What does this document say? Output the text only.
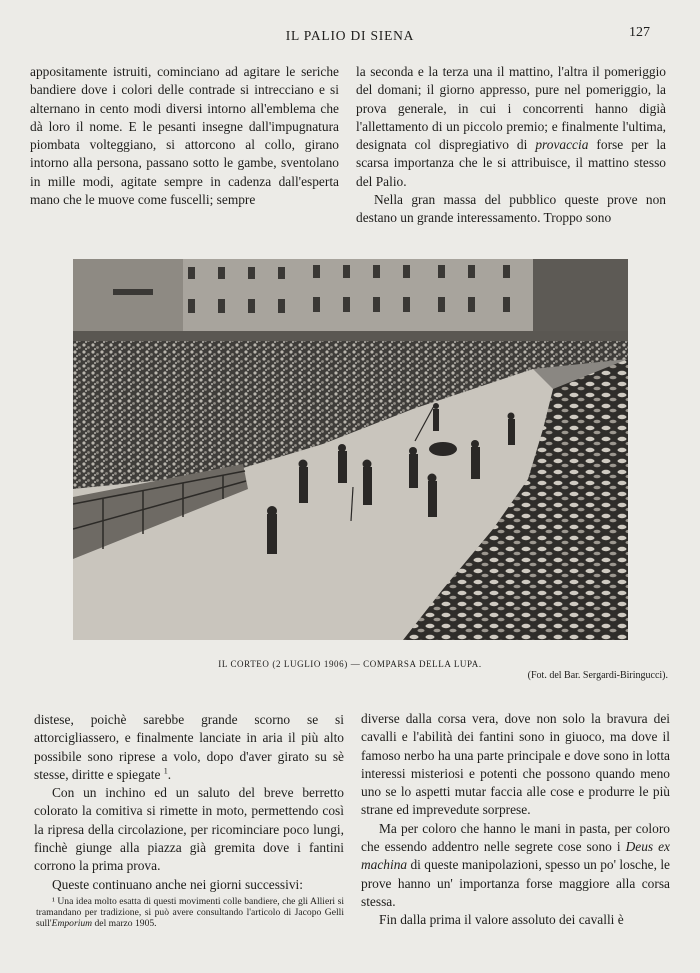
IL PALIO DI SIENA	127

appositamente istruiti, cominciano ad agitare le seriche bandiere dove i colori delle contrade si intrecciano e si alternano in cento modi diversi intorno all'emblema che dà loro il nome. E le pesanti insegne dall'impugnatura piombata volteggiano, si attorcono al collo, girano intorno alla persona, passano sotto le gambe, sventolano in mille modi, agitate sempre in cadenza dall'esperta mano che le muove come fuscelli; sempre

la seconda e la terza una il mattino, l'altra il pomeriggio del domani; il giorno appresso, pure nel pomeriggio, la prova generale, in cui i concorrenti hanno digià l'allettamento di un piccolo premio; e finalmente l'ultima, designata col dispregiativo di provaccia forse per la scarsa importanza che le si attribuisce, il mattino stesso del Palio.

Nella gran massa del pubblico queste prove non destano un grande interessamento. Troppo sono

IL CORTEO (2 LUGLIO 1906) — COMPARSA DELLA LUPA.
(Fot. del Bar. Sergardi-Biringucci).

distese, poichè sarebbe grande scorno se si attorcigliassero, e finalmente lanciate in aria il più alto possibile sono riprese a volo, dopo d'aver girato su sè stesse, diritte e spiegate $^1$.

Con un inchino ed un saluto del breve berretto colorato la comitiva si rimette in moto, permettendo così la ripresa della circolazione, per ricominciare poco lungi, finchè giunge alla piazza già gremita dove i fantini corrono la prima prova.

Queste continuano anche nei giorni successivi:

¹ Una idea molto esatta di questi movimenti colle bandiere, che gli Allieri si tramandano per tradizione, si può avere consultando l'articolo di Jacopo Gelli sull'Emporium del marzo 1905.

diverse dalla corsa vera, dove non solo la bravura dei cavalli e l'abilità dei fantini sono in giuoco, ma dove il famoso nerbo ha una parte principale e dove sono in lotta interessi misteriosi e potenti che possono quando meno uno se lo aspetti mutar faccia alle cose e produrre le più strane ed imprevedute sorprese.

Ma per coloro che hanno le mani in pasta, per coloro che essendo addentro nelle segrete cose sono i Deus ex machina di queste manipolazioni, spesso un po' losche, le prove hanno un' importanza forse maggiore alla corsa stessa.

Fin dalla prima il valore assoluto dei cavalli è
